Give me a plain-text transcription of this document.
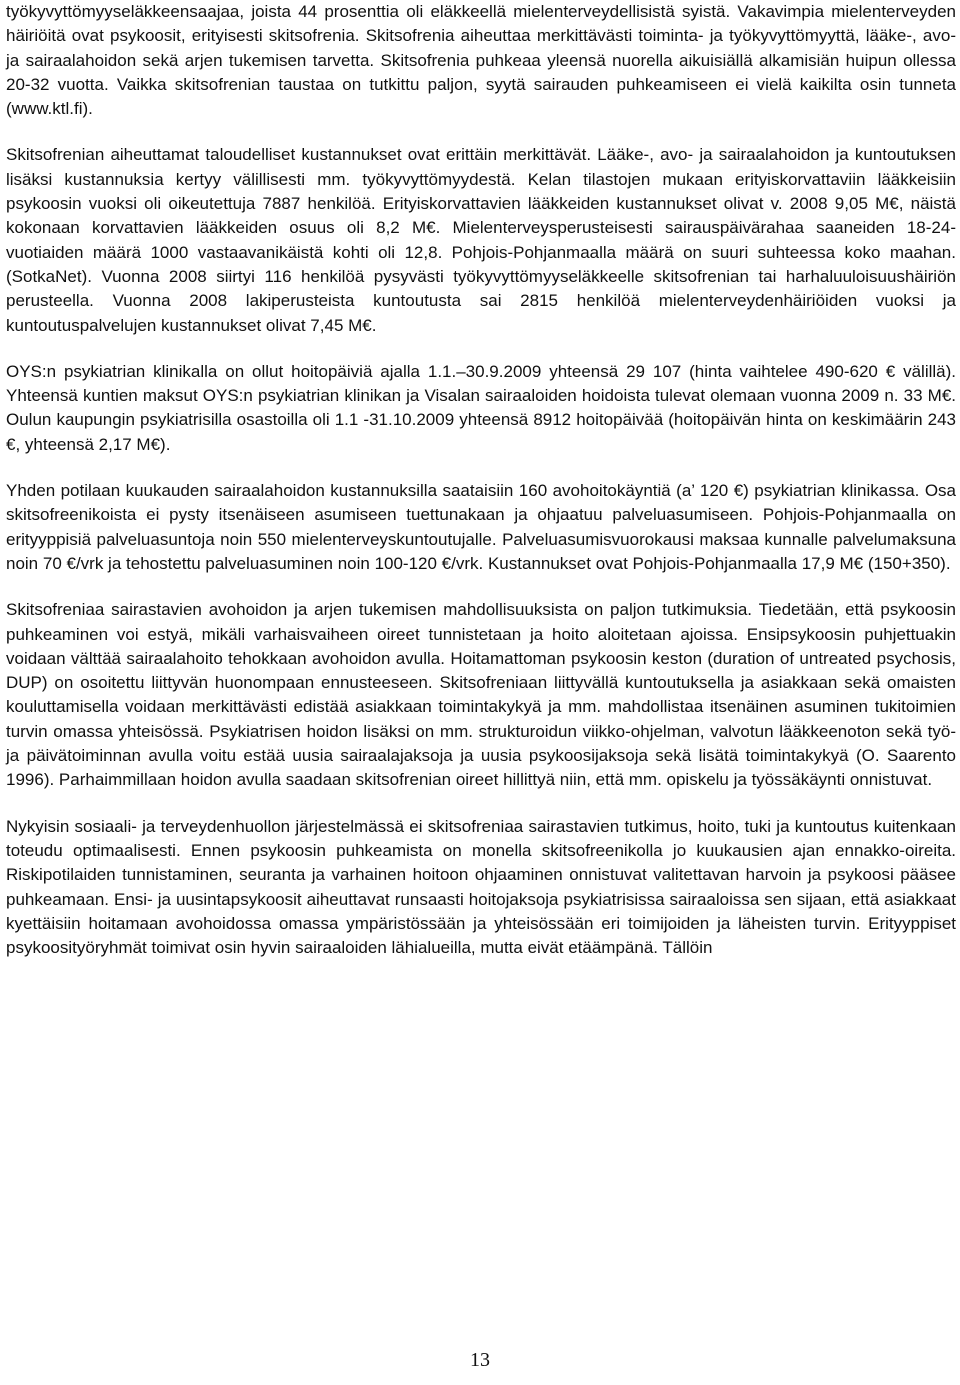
työkyvyttömyyseläkkeensaajaa, joista 44 prosenttia oli eläkkeellä mielenterveydellisistä syistä. Vakavimpia mielenterveyden häiriöitä ovat psykoosit, erityisesti skitsofrenia. Skitsofrenia aiheuttaa merkittävästi toiminta- ja työkyvyttömyyttä, lääke-, avo- ja sairaalahoidon sekä arjen tukemisen tarvetta. Skitsofrenia puhkeaa yleensä nuorella aikuisiällä alkamisiän huipun ollessa 20-32 vuotta. Vaikka skitsofrenian taustaa on tutkittu paljon, syytä sairauden puhkeamiseen ei vielä kaikilta osin tunneta (www.ktl.fi).

Skitsofrenian aiheuttamat taloudelliset kustannukset ovat erittäin merkittävät. Lääke-, avo- ja sairaalahoidon ja kuntoutuksen lisäksi kustannuksia kertyy välillisesti mm. työkyvyttömyydestä. Kelan tilastojen mukaan erityiskorvattaviin lääkkeisiin psykoosin vuoksi oli oikeutettuja 7887 henkilöä. Erityiskorvattavien lääkkeiden kustannukset olivat v. 2008 9,05 M€, näistä kokonaan korvattavien lääkkeiden osuus oli 8,2 M€. Mielenterveysperusteisesti sairauspäivärahaa saaneiden 18-24-vuotiaiden määrä 1000 vastaavanikäistä kohti oli 12,8. Pohjois-Pohjanmaalla määrä on suuri suhteessa koko maahan. (SotkaNet). Vuonna 2008 siirtyi 116 henkilöä pysyvästi työkyvyttömyyseläkkeelle skitsofrenian tai harhaluuloisuushäiriön perusteella. Vuonna 2008 lakiperusteista kuntoutusta sai 2815 henkilöä mielenterveydenhäiriöiden vuoksi ja kuntoutuspalvelujen kustannukset olivat 7,45 M€.

OYS:n psykiatrian klinikalla on ollut hoitopäiviä ajalla 1.1.–30.9.2009 yhteensä 29 107 (hinta vaihtelee 490-620 € välillä). Yhteensä kuntien maksut OYS:n psykiatrian klinikan ja Visalan sairaaloiden hoidoista tulevat olemaan vuonna 2009 n. 33 M€. Oulun kaupungin psykiatrisilla osastoilla oli 1.1 -31.10.2009 yhteensä 8912 hoitopäivää (hoitopäivän hinta on keskimäärin 243 €, yhteensä 2,17 M€).

Yhden potilaan kuukauden sairaalahoidon kustannuksilla saataisiin 160 avohoitokäyntiä (a’ 120 €) psykiatrian klinikassa. Osa skitsofreenikoista ei pysty itsenäiseen asumiseen tuettunakaan ja ohjaatuu palveluasumiseen. Pohjois-Pohjanmaalla on erityyppisiä palveluasuntoja noin 550 mielenterveyskuntoutujalle. Palveluasumisvuorokausi maksaa kunnalle palvelumaksuna noin 70 €/vrk ja tehostettu palveluasuminen noin 100-120 €/vrk. Kustannukset ovat Pohjois-Pohjanmaalla 17,9 M€ (150+350).

Skitsofreniaa sairastavien avohoidon ja arjen tukemisen mahdollisuuksista on paljon tutkimuksia. Tiedetään, että psykoosin puhkeaminen voi estyä, mikäli varhaisvaiheen oireet tunnistetaan ja hoito aloitetaan ajoissa. Ensipsykoosin puhjettuakin voidaan välttää sairaalahoito tehokkaan avohoidon avulla. Hoitamattoman psykoosin keston (duration of untreated psychosis, DUP) on osoitettu liittyvän huonompaan ennusteeseen. Skitsofreniaan liittyvällä kuntoutuksella ja asiakkaan sekä omaisten kouluttamisella voidaan merkittävästi edistää asiakkaan toimintakykyä ja mm. mahdollistaa itsenäinen asuminen tukitoimien turvin omassa yhteisössä. Psykiatrisen hoidon lisäksi on mm. strukturoidun viikko-ohjelman, valvotun lääkkeenoton sekä työ- ja päivätoiminnan avulla voitu estää uusia sairaalajaksoja ja uusia psykoosijaksoja sekä lisätä toimintakykyä (O. Saarento 1996). Parhaimmillaan hoidon avulla saadaan skitsofrenian oireet hillittyä niin, että mm. opiskelu ja työssäkäynti onnistuvat.

Nykyisin sosiaali- ja terveydenhuollon järjestelmässä ei skitsofreniaa sairastavien tutkimus, hoito, tuki ja kuntoutus kuitenkaan toteudu optimaalisesti. Ennen psykoosin puhkeamista on monella skitsofreenikolla jo kuukausien ajan ennakko-oireita. Riskipotilaiden tunnistaminen, seuranta ja varhainen hoitoon ohjaaminen onnistuvat valitettavan harvoin ja psykoosi pääsee puhkeamaan. Ensi- ja uusintapsykoosit aiheuttavat runsaasti hoitojaksoja psykiatrisissa sairaaloissa sen sijaan, että asiakkaat kyettäisiin hoitamaan avohoidossa omassa ympäristössään ja yhteisössään eri toimijoiden ja läheisten turvin. Erityyppiset psykoosityöryhmät toimivat osin hyvin sairaaloiden lähialueilla, mutta eivät etäämpänä. Tällöin

13
